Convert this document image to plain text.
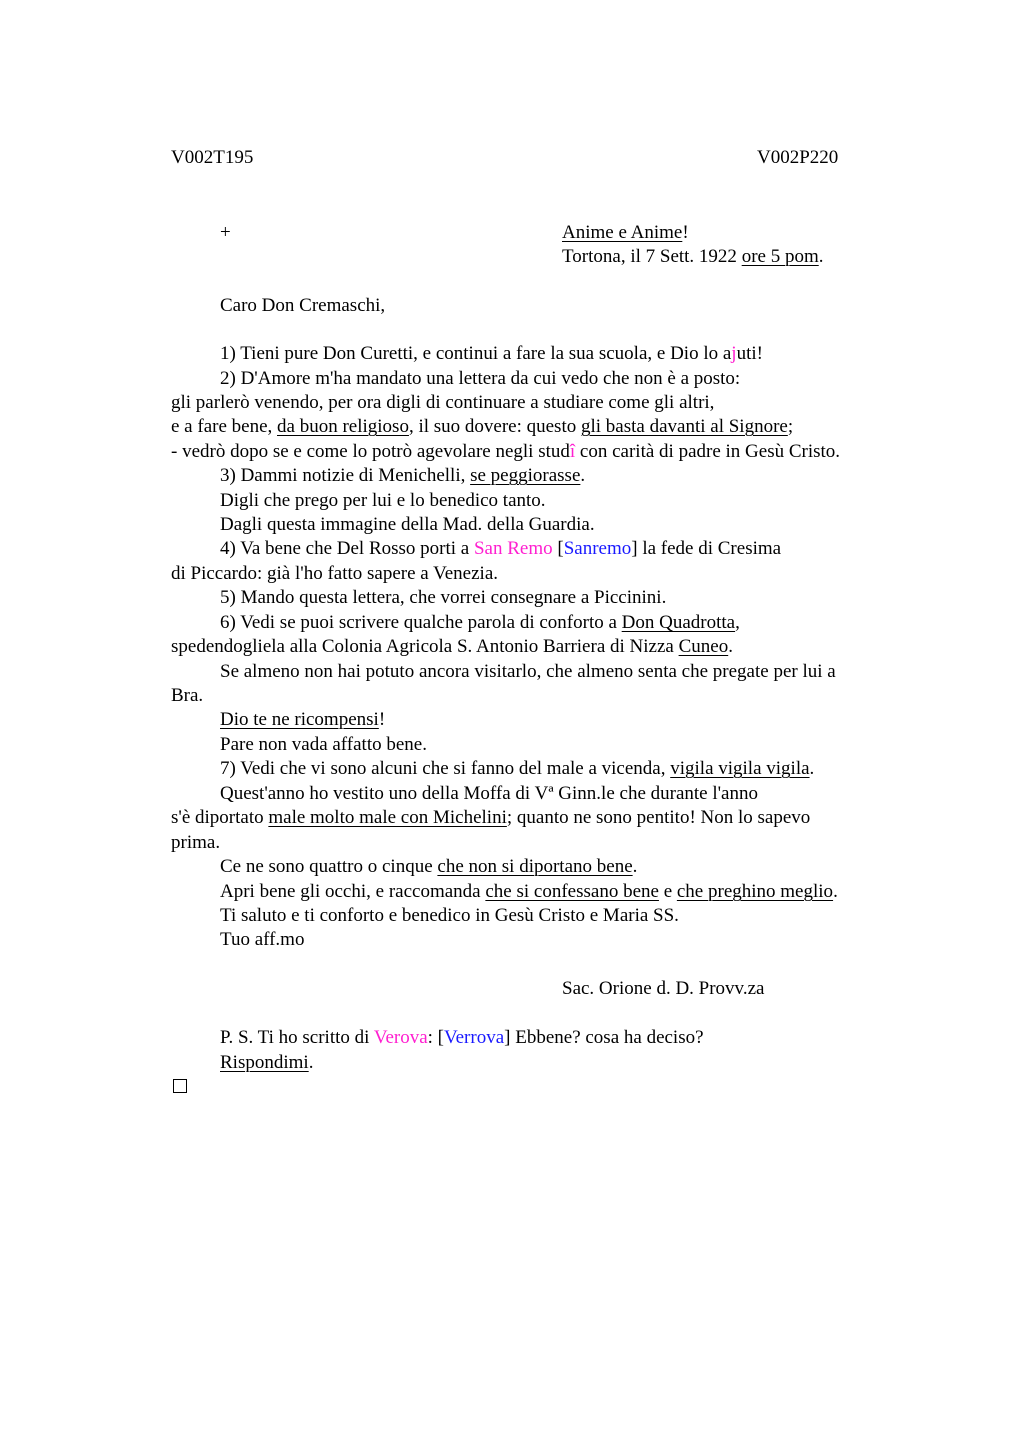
V002T195	V002P220
+	Anime e Anime!
Tortona, il 7 Sett. 1922 ore 5 pom.
Caro Don Cremaschi,
1) Tieni pure Don Curetti, e continui a fare la sua scuola, e Dio lo ajuti!
2) D'Amore m'ha mandato una lettera da cui vedo che non è a posto:
gli parlerò venendo, per ora digli di continuare a studiare come gli altri,
e a fare bene, da buon religioso, il suo dovere: questo gli basta davanti al Signore;
- vedrò dopo se e come lo potrò agevolare negli studî con carità di padre in Gesù Cristo.
3) Dammi notizie di Menichelli, se peggiorasse.
Digli che prego per lui e lo benedico tanto.
Dagli questa immagine della Mad. della Guardia.
4) Va bene che Del Rosso porti a San Remo [Sanremo] la fede di Cresima
di Piccardo: già l'ho fatto sapere a Venezia.
5) Mando questa lettera, che vorrei consegnare a Piccinini.
6) Vedi se puoi scrivere qualche parola di conforto a Don Quadrotta,
spedendogliela alla Colonia Agricola S. Antonio Barriera di Nizza Cuneo.
Se almeno non hai potuto ancora visitarlo, che almeno senta che pregate per lui a
Bra.
Dio te ne ricompensi!
Pare non vada affatto bene.
7) Vedi che vi sono alcuni che si fanno del male a vicenda, vigila vigila vigila.
Quest'anno ho vestito uno della Moffa di Vª Ginn.le che durante l'anno
s'è diportato male molto male con Michelini; quanto ne sono pentito! Non lo sapevo
prima.
Ce ne sono quattro o cinque che non si diportano bene.
Apri bene gli occhi, e raccomanda che si confessano bene e che preghino meglio.
Ti saluto e ti conforto e benedico in Gesù Cristo e Maria SS.
Tuo aff.mo
Sac. Orione d. D. Provv.za
P. S. Ti ho scritto di Verova: [Verrova] Ebbene? cosa ha deciso?
Rispondimi.
